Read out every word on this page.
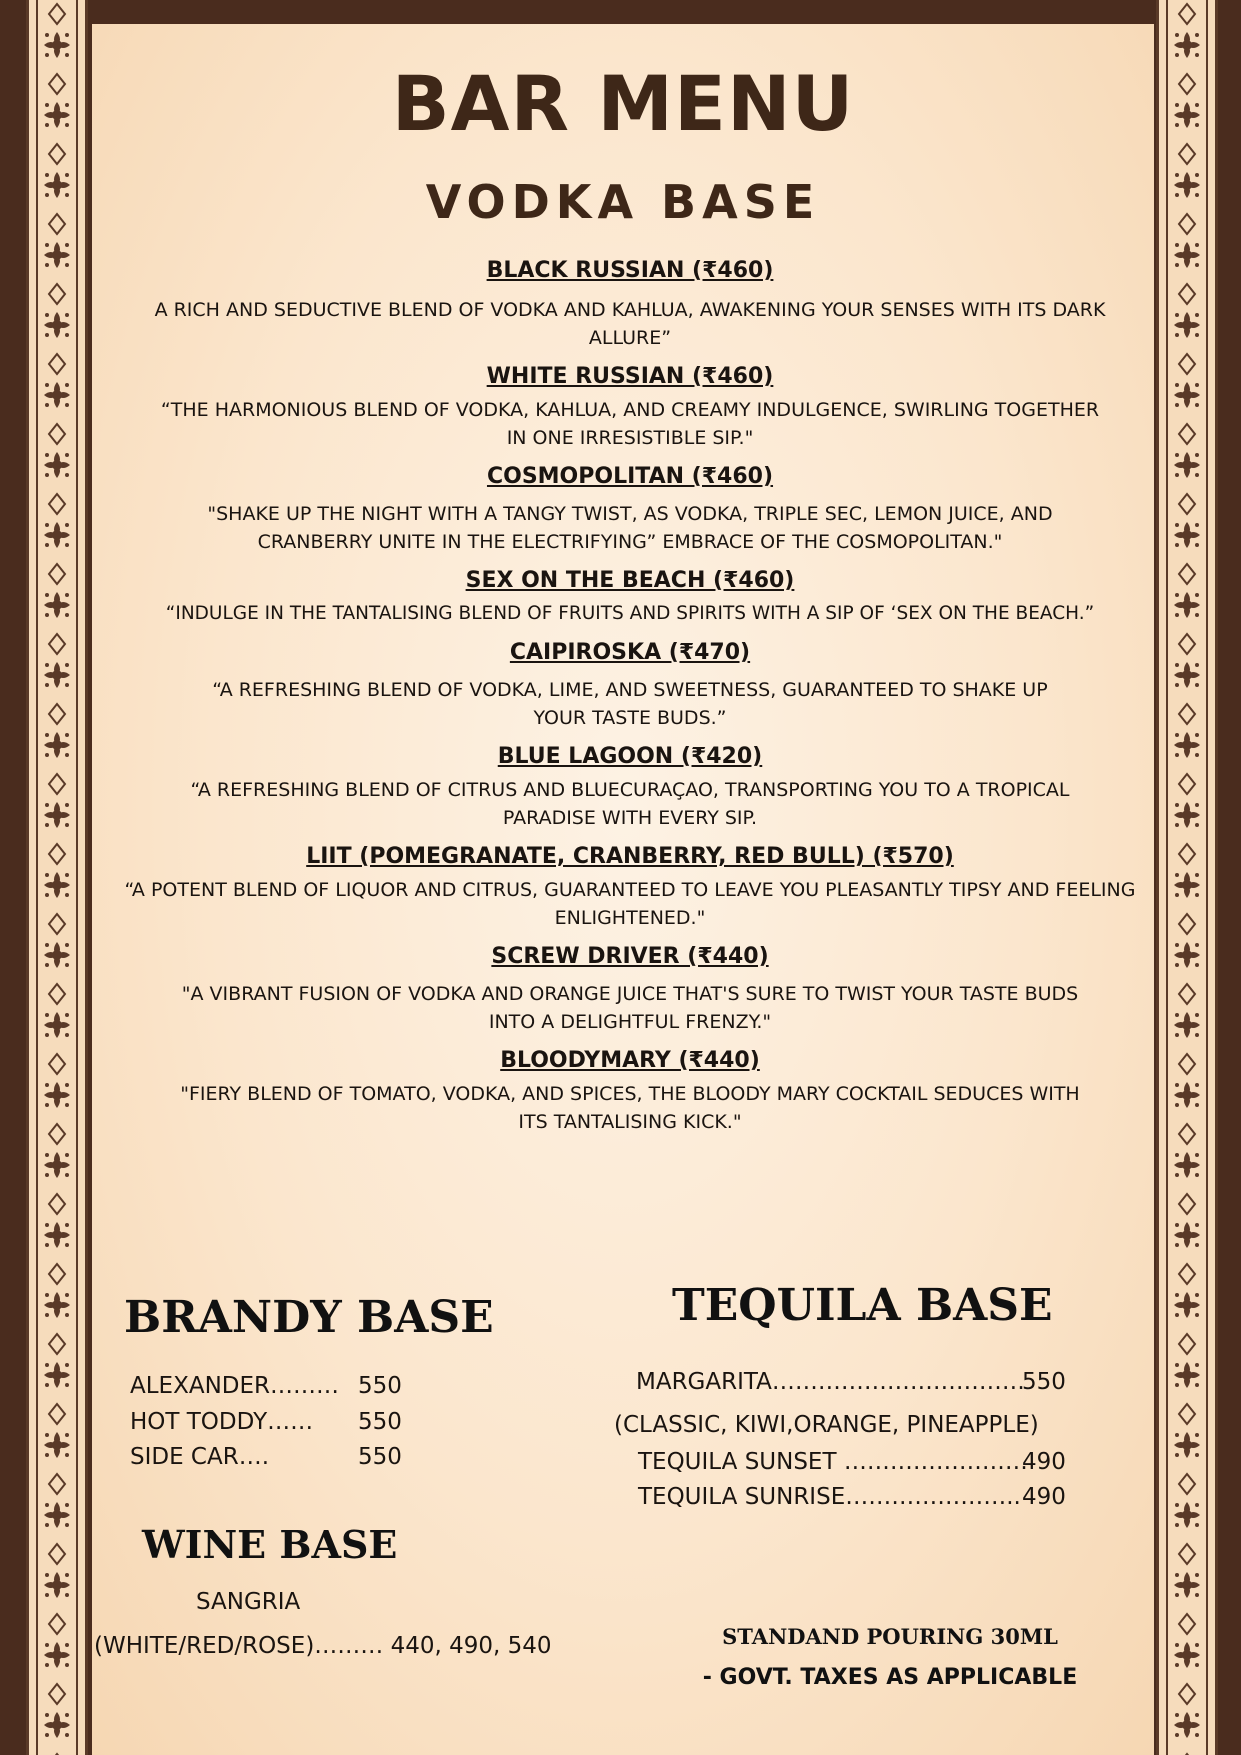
BAR MENU
VODKA BASE
BLACK RUSSIAN (₹460)
A RICH AND SEDUCTIVE BLEND OF VODKA AND KAHLUA, AWAKENING YOUR SENSES WITH ITS DARK ALLURE”
WHITE RUSSIAN (₹460)
“THE HARMONIOUS BLEND OF VODKA, KAHLUA, AND CREAMY INDULGENCE, SWIRLING TOGETHER IN ONE IRRESISTIBLE SIP."
COSMOPOLITAN (₹460)
"SHAKE UP THE NIGHT WITH A TANGY TWIST, AS VODKA, TRIPLE SEC, LEMON JUICE, AND CRANBERRY UNITE IN THE ELECTRIFYING” EMBRACE OF THE COSMOPOLITAN."
SEX ON THE BEACH (₹460)
“INDULGE IN THE TANTALISING BLEND OF FRUITS AND SPIRITS WITH A SIP OF ‘SEX ON THE BEACH.”
CAIPIROSKA (₹470)
“A REFRESHING BLEND OF VODKA, LIME, AND SWEETNESS, GUARANTEED TO SHAKE UP YOUR TASTE BUDS.”
BLUE LAGOON (₹420)
“A REFRESHING BLEND OF CITRUS AND BLUECURAÇAO, TRANSPORTING YOU TO A TROPICAL PARADISE WITH EVERY SIP.
LIIT (POMEGRANATE, CRANBERRY, RED BULL) (₹570)
“A POTENT BLEND OF LIQUOR AND CITRUS, GUARANTEED TO LEAVE YOU PLEASANTLY TIPSY AND FEELING ENLIGHTENED."
SCREW DRIVER (₹440)
"A VIBRANT FUSION OF VODKA AND ORANGE JUICE THAT'S SURE TO TWIST YOUR TASTE BUDS INTO A DELIGHTFUL FRENZY."
BLOODYMARY (₹440)
"FIERY BLEND OF TOMATO, VODKA, AND SPICES, THE BLOODY MARY COCKTAIL SEDUCES WITH ITS TANTALISING KICK."
BRANDY BASE
ALEXANDER……… 550
HOT TODDY…… 550
SIDE CAR….	550
TEQUILA BASE
MARGARITA……………………………
550
(CLASSIC, KIWI,ORANGE, PINEAPPLE)
TEQUILA SUNSET ……………………
490
TEQUILA SUNRISE………………….. 490
WINE BASE
SANGRIA
(WHITE/RED/ROSE)……… 440, 490, 540	STANDAND POURING 30ML
- GOVT. TAXES AS APPLICABLE
